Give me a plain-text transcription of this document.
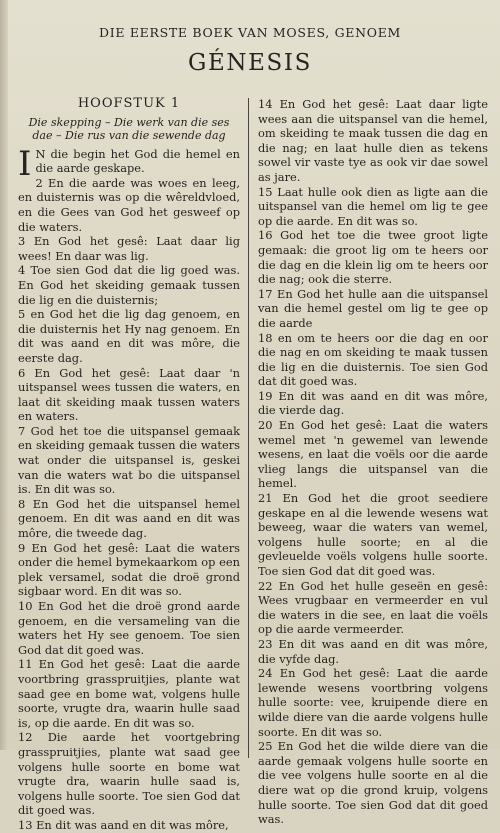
DIE EERSTE BOEK VAN MOSES, GENOEM
GÉNESIS
HOOFSTUK 1
Die skepping – Die werk van die ses dae – Die rus van die sewende dag

I N die begin het God die hemel en die aarde geskape.

2 En die aarde was woes en leeg, en duisternis was op die wêreldvloed, en die Gees van God het gesweef op die waters.

3 En God het gesê: Laat daar lig wees! En daar was lig.

4 Toe sien God dat die lig goed was. En God het skeiding gemaak tussen die lig en die duisternis;

5 en God het die lig dag genoem, en die duisternis het Hy nag genoem. En dit was aand en dit was môre, die eerste dag.

6 En God het gesê: Laat daar 'n uitspansel wees tussen die waters, en laat dit skeiding maak tussen waters en waters.

7 God het toe die uitspansel gemaak en skeiding gemaak tussen die waters wat onder die uitspansel is, geskei van die waters wat bo die uitspansel is. En dit was so.

8 En God het die uitspansel hemel genoem. En dit was aand en dit was môre, die tweede dag.

9 En God het gesê: Laat die waters onder die hemel bymekaarkom op een plek versamel, sodat die droë grond sigbaar word. En dit was so.

10 En God het die droë grond aarde genoem, en die versameling van die waters het Hy see genoem. Toe sien God dat dit goed was.

11 En God het gesê: Laat die aarde voortbring grasspruitjies, plante wat saad gee en bome wat, volgens hulle soorte, vrugte dra, waarin hulle saad is, op die aarde. En dit was so.

12 Die aarde het voortgebring grasspruitjies, plante wat saad gee volgens hulle soorte en bome wat vrugte dra, waarin hulle saad is, volgens hulle soorte. Toe sien God dat dit goed was.

13 En dit was aand en dit was môre,

14 En God het gesê: Laat daar ligte wees aan die uitspansel van die hemel, om skeiding te maak tussen die dag en die nag; en laat hulle dien as tekens sowel vir vaste tye as ook vir dae sowel as jare.

15 Laat hulle ook dien as ligte aan die uitspansel van die hemel om lig te gee op die aarde. En dit was so.

16 God het toe die twee groot ligte gemaak: die groot lig om te heers oor die dag en die klein lig om te heers oor die nag; ook die sterre.

17 En God het hulle aan die uitspansel van die hemel gestel om lig te gee op die aarde

18 en om te heers oor die dag en oor die nag en om skeiding te maak tussen die lig en die duisternis. Toe sien God dat dit goed was.

19 En dit was aand en dit was môre, die vierde dag.

20 En God het gesê: Laat die waters wemel met 'n gewemel van lewende wesens, en laat die voëls oor die aarde vlieg langs die uitspansel van die hemel.

21 En God het die groot seediere geskape en al die lewende wesens wat beweeg, waar die waters van wemel, volgens hulle soorte; en al die gevleuelde voëls volgens hulle soorte. Toe sien God dat dit goed was.

22 En God het hulle geseën en gesê: Wees vrugbaar en vermeerder en vul die waters in die see, en laat die voëls op die aarde vermeerder.

23 En dit was aand en dit was môre, die vyfde dag.

24 En God het gesê: Laat die aarde lewende wesens voortbring volgens hulle soorte: vee, kruipende diere en wilde diere van die aarde volgens hulle soorte. En dit was so.

25 En God het die wilde diere van die aarde gemaak volgens hulle soorte en die vee volgens hulle soorte en al die diere wat op die grond kruip, volgens hulle soorte. Toe sien God dat dit goed was.
